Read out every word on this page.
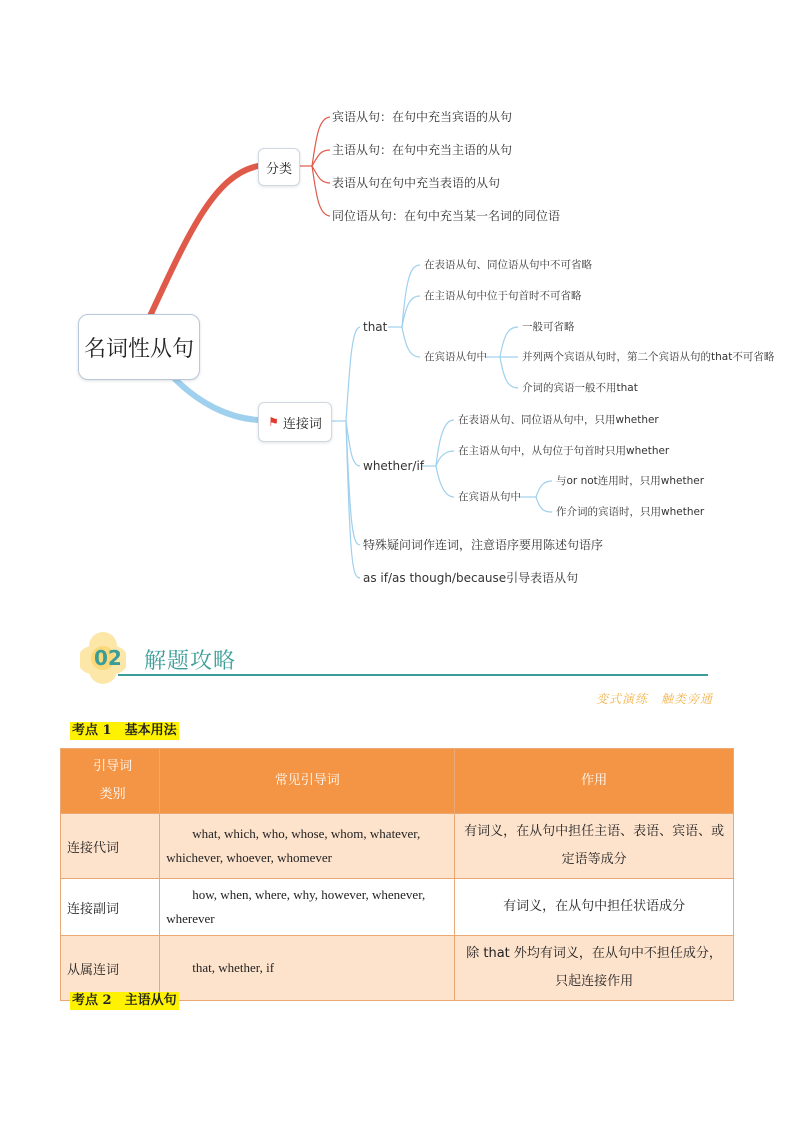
名词性从句
分类
⚑ 连接词
宾语从句：在句中充当宾语的从句
主语从句：在句中充当主语的从句
表语从句在句中充当表语的从句
同位语从句：在句中充当某一名词的同位语
that
在表语从句、同位语从句中不可省略
在主语从句中位于句首时不可省略
在宾语从句中
一般可省略
并列两个宾语从句时，第二个宾语从句的that不可省略
介词的宾语一般不用that
whether/if
在表语从句、同位语从句中，只用whether
在主语从句中，从句位于句首时只用whether
在宾语从句中
与or not连用时，只用whether
作介词的宾语时，只用whether
特殊疑问词作连词，注意语序要用陈述句语序
as if/as though/because引导表语从句
02 解题攻略
变式演练　触类旁通
考点 1　基本用法
引导词
类别	常见引导词	作用
连接代词	what, which, who, whose, whom, whatever, whichever, whoever, whomever	有词义，在从句中担任主语、表语、宾语、或定语等成分
连接副词	how, when, where, why, however, whenever, wherever	有词义，在从句中担任状语成分
从属连词	that, whether, if	除 that 外均有词义，在从句中不担任成分，只起连接作用
考点 2　主语从句
